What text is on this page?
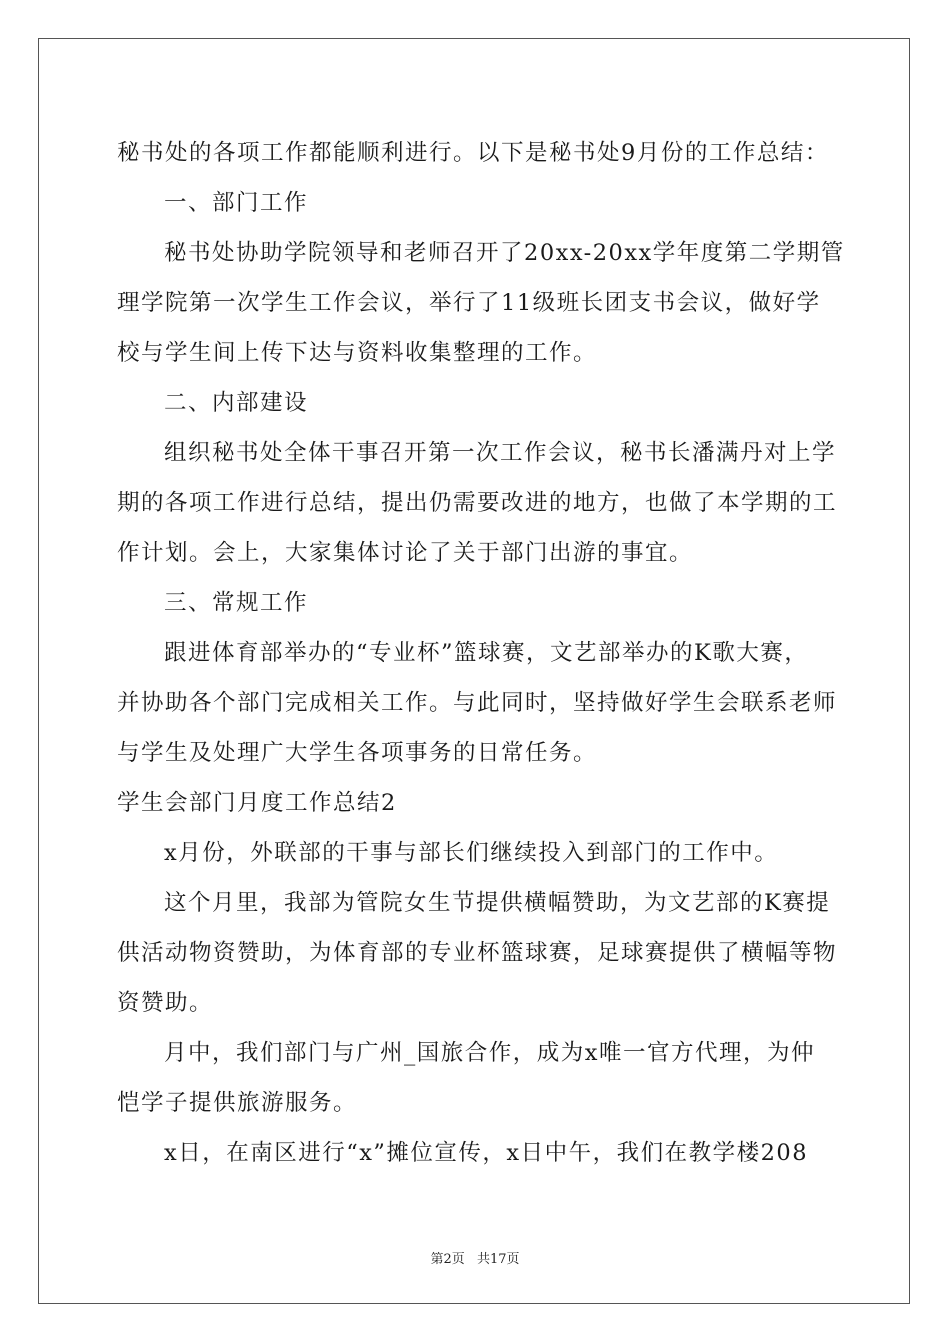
秘书处的各项工作都能顺利进行。以下是秘书处9月份的工作总结：
一、部门工作
秘书处协助学院领导和老师召开了20xx-20xx学年度第二学期管
理学院第一次学生工作会议，举行了11级班长团支书会议，做好学
校与学生间上传下达与资料收集整理的工作。
二、内部建设
组织秘书处全体干事召开第一次工作会议，秘书长潘满丹对上学
期的各项工作进行总结，提出仍需要改进的地方，也做了本学期的工
作计划。会上，大家集体讨论了关于部门出游的事宜。
三、常规工作
跟进体育部举办的“专业杯”篮球赛，文艺部举办的K歌大赛，
并协助各个部门完成相关工作。与此同时，坚持做好学生会联系老师
与学生及处理广大学生各项事务的日常任务。
学生会部门月度工作总结2
x月份，外联部的干事与部长们继续投入到部门的工作中。
这个月里，我部为管院女生节提供横幅赞助，为文艺部的K赛提
供活动物资赞助，为体育部的专业杯篮球赛，足球赛提供了横幅等物
资赞助。
月中，我们部门与广州_国旅合作，成为x唯一官方代理，为仲
恺学子提供旅游服务。
x日，在南区进行“x”摊位宣传，x日中午，我们在教学楼208
第2页 共17页
